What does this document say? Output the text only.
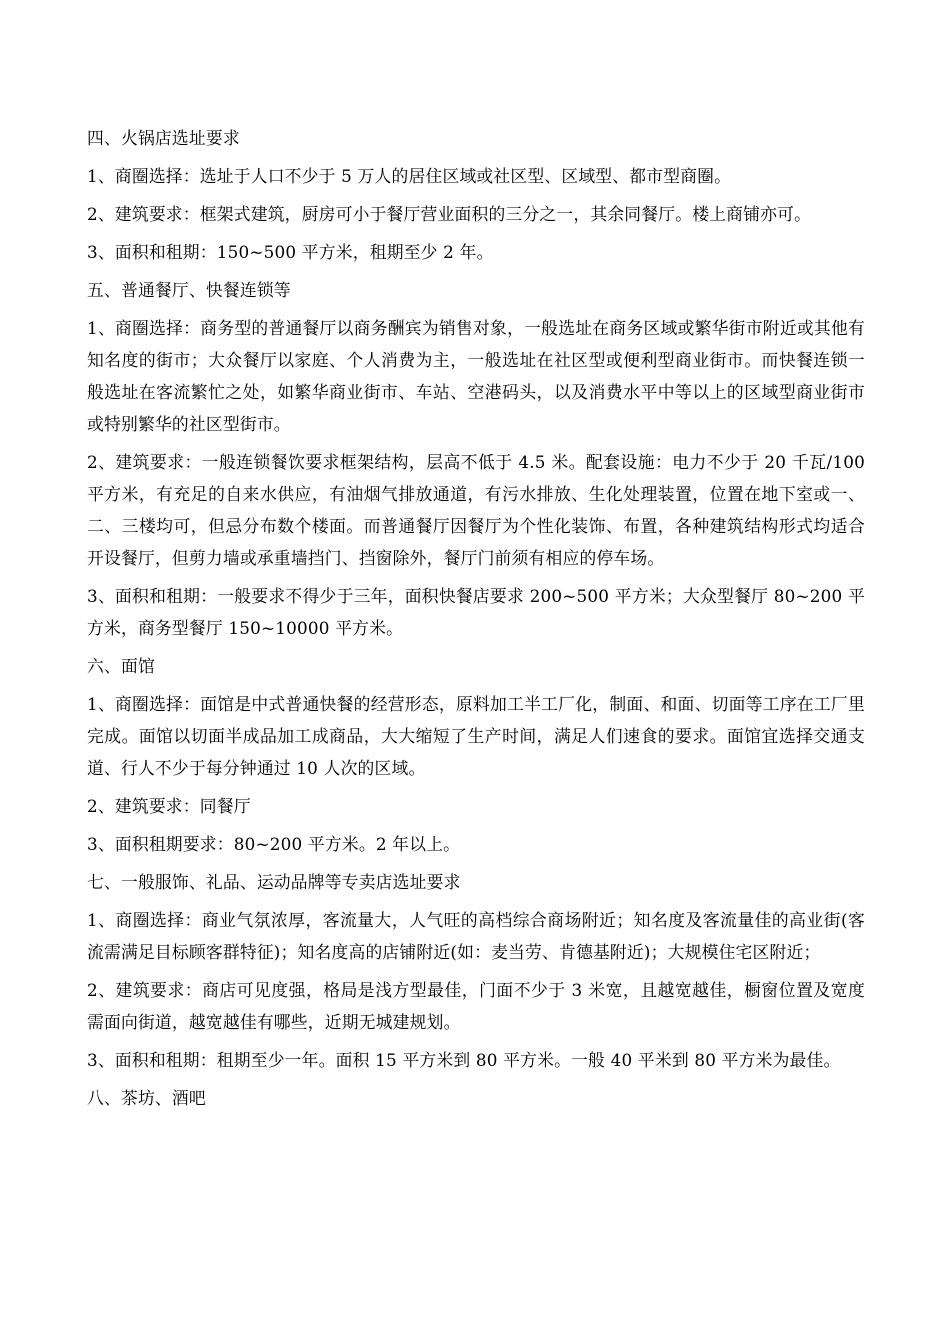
四、火锅店选址要求

1、商圈选择：选址于人口不少于 5 万人的居住区域或社区型、区域型、都市型商圈。

2、建筑要求：框架式建筑，厨房可小于餐厅营业面积的三分之一，其余同餐厅。楼上商铺亦可。

3、面积和租期：150~500 平方米，租期至少 2 年。

五、普通餐厅、快餐连锁等

1、商圈选择：商务型的普通餐厅以商务酬宾为销售对象，一般选址在商务区域或繁华街市附近或其他有知名度的街市；大众餐厅以家庭、个人消费为主，一般选址在社区型或便利型商业街市。而快餐连锁一般选址在客流繁忙之处，如繁华商业街市、车站、空港码头，以及消费水平中等以上的区域型商业街市或特别繁华的社区型街市。

2、建筑要求：一般连锁餐饮要求框架结构，层高不低于 4.5 米。配套设施：电力不少于 20 千瓦/100 平方米，有充足的自来水供应，有油烟气排放通道，有污水排放、生化处理装置，位置在地下室或一、二、三楼均可，但忌分布数个楼面。而普通餐厅因餐厅为个性化装饰、布置，各种建筑结构形式均适合开设餐厅，但剪力墙或承重墙挡门、挡窗除外，餐厅门前须有相应的停车场。

3、面积和租期：一般要求不得少于三年，面积快餐店要求 200~500 平方米；大众型餐厅 80~200 平方米，商务型餐厅 150~10000 平方米。

六、面馆

1、商圈选择：面馆是中式普通快餐的经营形态，原料加工半工厂化，制面、和面、切面等工序在工厂里完成。面馆以切面半成品加工成商品，大大缩短了生产时间，满足人们速食的要求。面馆宜选择交通支道、行人不少于每分钟通过 10 人次的区域。

2、建筑要求：同餐厅

3、面积租期要求：80~200 平方米。2 年以上。

七、一般服饰、礼品、运动品牌等专卖店选址要求

1、商圈选择：商业气氛浓厚，客流量大，人气旺的高档综合商场附近；知名度及客流量佳的高业街(客流需满足目标顾客群特征)；知名度高的店铺附近(如：麦当劳、肯德基附近)；大规模住宅区附近；

2、建筑要求：商店可见度强，格局是浅方型最佳，门面不少于 3 米宽，且越宽越佳，橱窗位置及宽度需面向街道，越宽越佳有哪些，近期无城建规划。

3、面积和租期：租期至少一年。面积 15 平方米到 80 平方米。一般 40 平米到 80 平方米为最佳。

八、茶坊、酒吧
